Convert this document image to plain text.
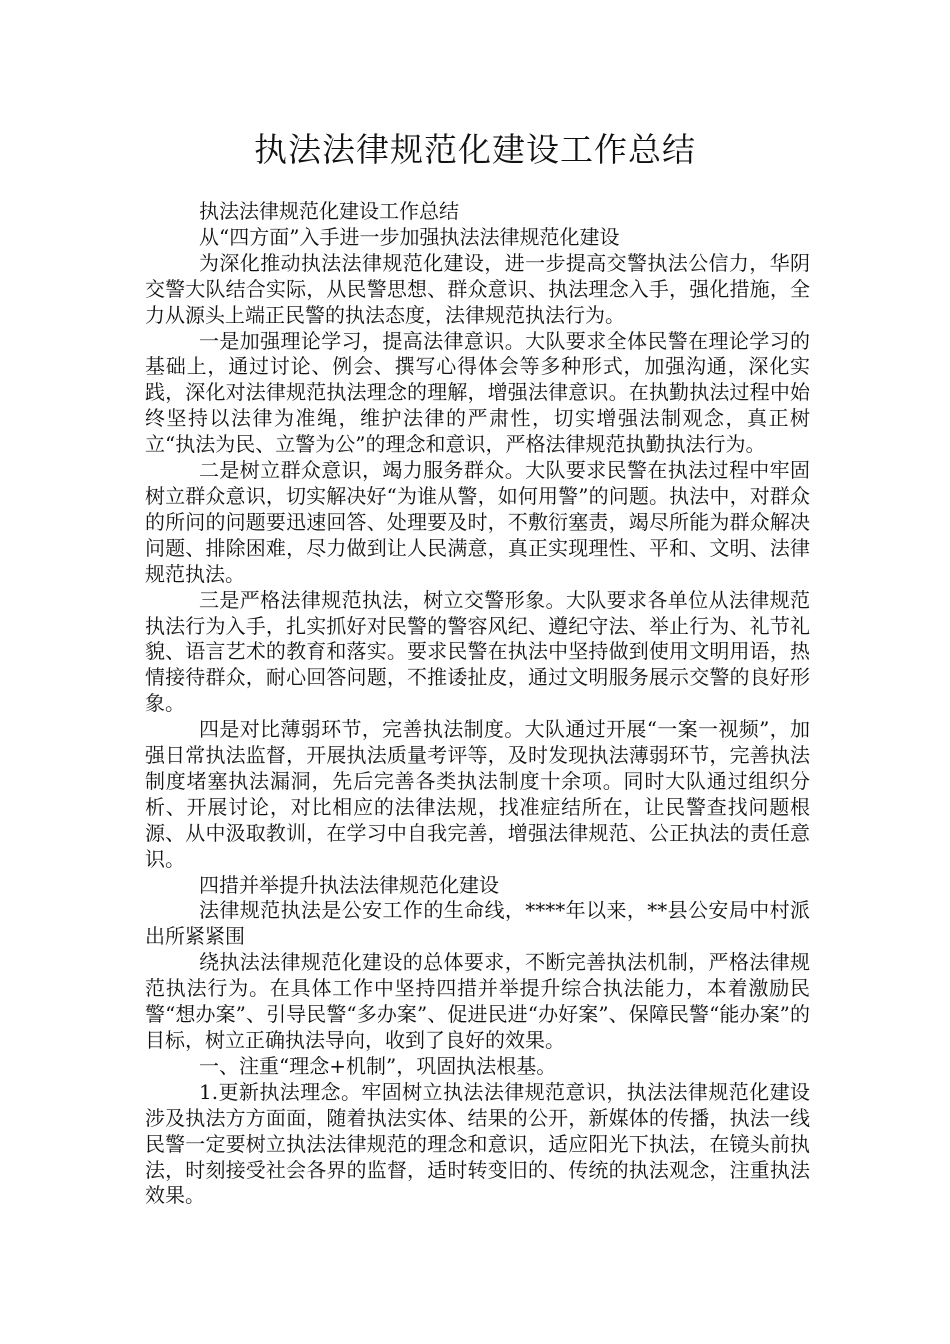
执法法律规范化建设工作总结

执法法律规范化建设工作总结

从“四方面”入手进一步加强执法法律规范化建设

为深化推动执法法律规范化建设，进一步提高交警执法公信力，华阴交警大队结合实际，从民警思想、群众意识、执法理念入手，强化措施，全力从源头上端正民警的执法态度，法律规范执法行为。

一是加强理论学习，提高法律意识。大队要求全体民警在理论学习的基础上，通过讨论、例会、撰写心得体会等多种形式，加强沟通，深化实践，深化对法律规范执法理念的理解，增强法律意识。在执勤执法过程中始终坚持以法律为准绳，维护法律的严肃性，切实增强法制观念，真正树立“执法为民、立警为公”的理念和意识，严格法律规范执勤执法行为。

二是树立群众意识，竭力服务群众。大队要求民警在执法过程中牢固树立群众意识，切实解决好“为谁从警，如何用警”的问题。执法中，对群众的所问的问题要迅速回答、处理要及时，不敷衍塞责，竭尽所能为群众解决问题、排除困难，尽力做到让人民满意，真正实现理性、平和、文明、法律规范执法。

三是严格法律规范执法，树立交警形象。大队要求各单位从法律规范执法行为入手，扎实抓好对民警的警容风纪、遵纪守法、举止行为、礼节礼貌、语言艺术的教育和落实。要求民警在执法中坚持做到使用文明用语，热情接待群众，耐心回答问题，不推诿扯皮，通过文明服务展示交警的良好形象。

四是对比薄弱环节，完善执法制度。大队通过开展“一案一视频”，加强日常执法监督，开展执法质量考评等，及时发现执法薄弱环节，完善执法制度堵塞执法漏洞，先后完善各类执法制度十余项。同时大队通过组织分析、开展讨论，对比相应的法律法规，找准症结所在，让民警查找问题根源、从中汲取教训，在学习中自我完善，增强法律规范、公正执法的责任意识。

四措并举提升执法法律规范化建设

法律规范执法是公安工作的生命线，****年以来，**县公安局中村派出所紧紧围

绕执法法律规范化建设的总体要求，不断完善执法机制，严格法律规范执法行为。在具体工作中坚持四措并举提升综合执法能力，本着激励民警“想办案”、引导民警“多办案”、促进民进“办好案”、保障民警“能办案”的目标，树立正确执法导向，收到了良好的效果。

一、注重“理念+机制”，巩固执法根基。

1.更新执法理念。牢固树立执法法律规范意识，执法法律规范化建设涉及执法方方面面，随着执法实体、结果的公开，新媒体的传播，执法一线民警一定要树立执法法律规范的理念和意识，适应阳光下执法，在镜头前执法，时刻接受社会各界的监督，适时转变旧的、传统的执法观念，注重执法效果。
